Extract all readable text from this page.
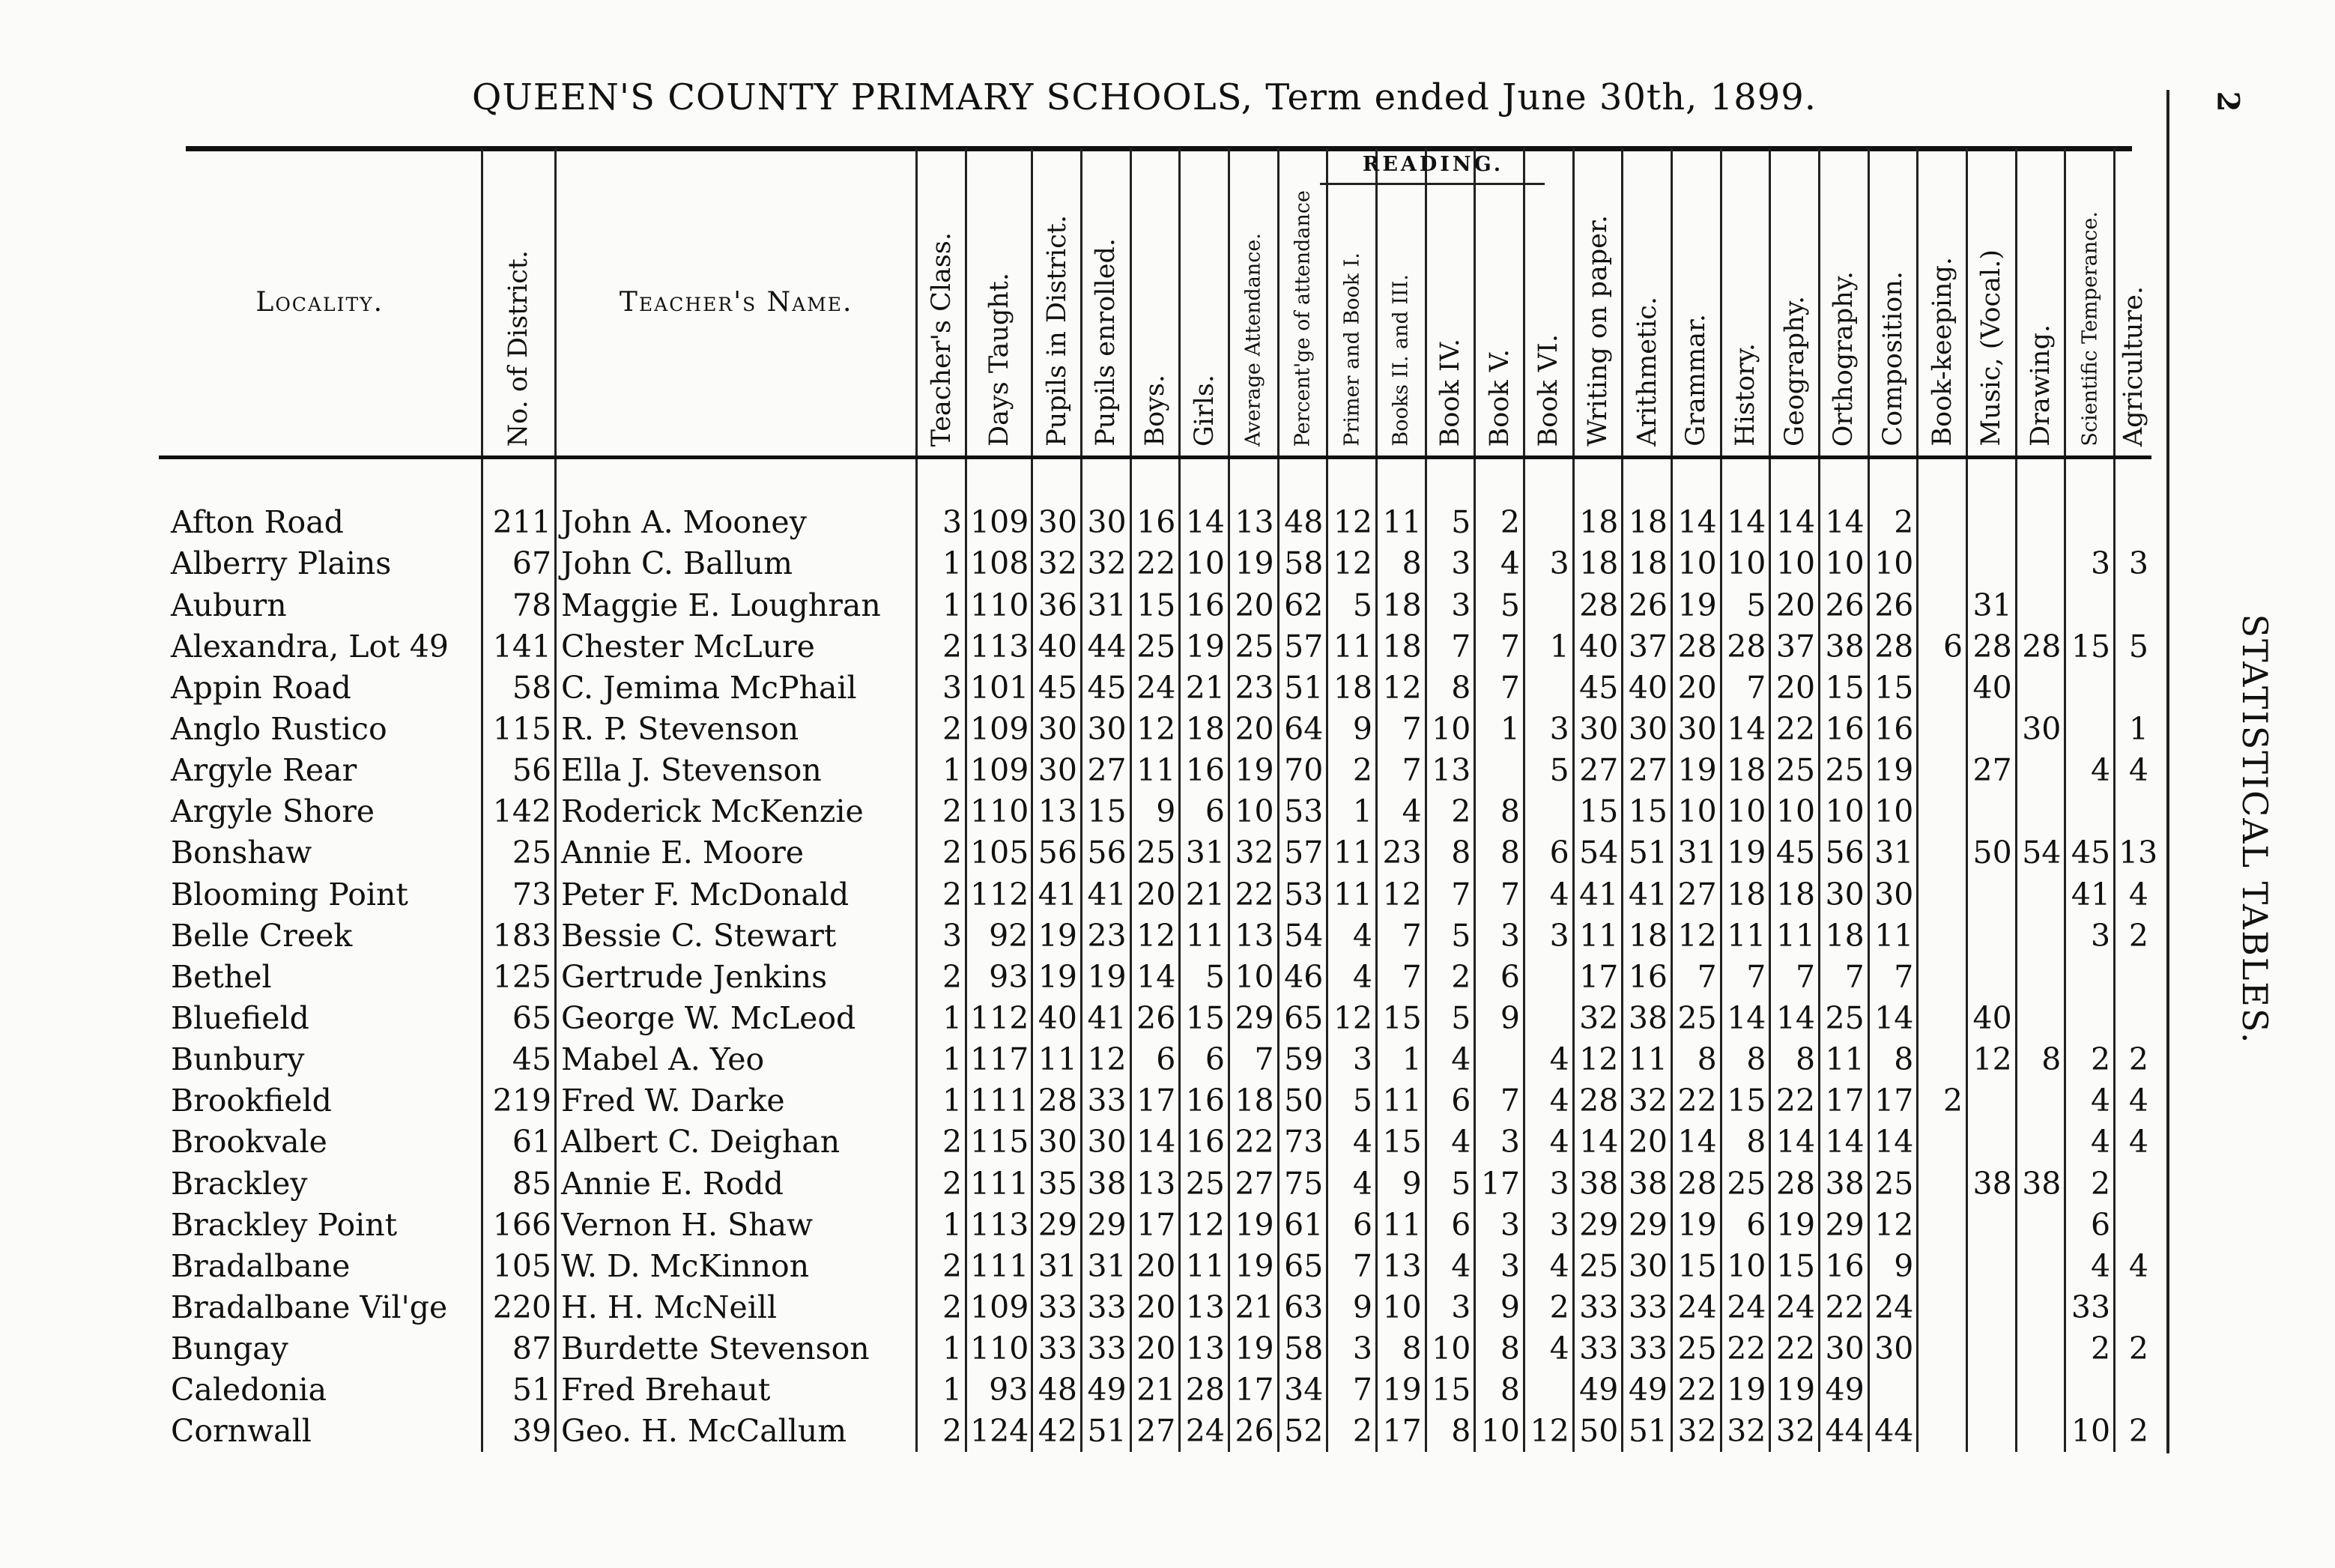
QUEEN'S COUNTY PRIMARY SCHOOLS, Term ended June 30th, 1899.	2
STATISTICAL TABLES.
Locality.	No. of District.	Teacher's Name.	Teacher's Class.	Days Taught.	Pupils in District.	Pupils enrolled.	Boys.	Girls.	Average Attendance.	Percent'ge of attendance	Primer and Book I.	Books II. and III.	Book IV.	Book V.	Book VI.	Writing on paper.	Arithmetic.	Grammar.	History.	Geography.	Orthography.	Composition.	Book-keeping.	Music, (Vocal.)	Drawing.	Scientific Temperance.	Agriculture.

Afton Road	211	John A. Mooney	3	109	30	30	16	14	13	48	12	11	5	2		18	18	14	14	14	14	2					
Alberry Plains	67	John C. Ballum	1	108	32	32	22	10	19	58	12	8	3	4	3	18	18	10	10	10	10	10				3	3
Auburn	78	Maggie E. Loughran	1	110	36	31	15	16	20	62	5	18	3	5		28	26	19	5	20	26	26		31			
Alexandra, Lot 49	141	Chester McLure	2	113	40	44	25	19	25	57	11	18	7	7	1	40	37	28	28	37	38	28	6	28	28	15	5
Appin Road	58	C. Jemima McPhail	3	101	45	45	24	21	23	51	18	12	8	7		45	40	20	7	20	15	15		40			
Anglo Rustico	115	R. P. Stevenson	2	109	30	30	12	18	20	64	9	7	10	1	3	30	30	30	14	22	16	16			30		1
Argyle Rear	56	Ella J. Stevenson	1	109	30	27	11	16	19	70	2	7	13		5	27	27	19	18	25	25	19		27		4	4
Argyle Shore	142	Roderick McKenzie	2	110	13	15	9	6	10	53	1	4	2	8		15	15	10	10	10	10	10					
Bonshaw	25	Annie E. Moore	2	105	56	56	25	31	32	57	11	23	8	8	6	54	51	31	19	45	56	31		50	54	45	13
Blooming Point	73	Peter F. McDonald	2	112	41	41	20	21	22	53	11	12	7	7	4	41	41	27	18	18	30	30				41	4
Belle Creek	183	Bessie C. Stewart	3	92	19	23	12	11	13	54	4	7	5	3	3	11	18	12	11	11	18	11				3	2
Bethel	125	Gertrude Jenkins	2	93	19	19	14	5	10	46	4	7	2	6		17	16	7	7	7	7	7					
Bluefield	65	George W. McLeod	1	112	40	41	26	15	29	65	12	15	5	9		32	38	25	14	14	25	14		40			
Bunbury	45	Mabel A. Yeo	1	117	11	12	6	6	7	59	3	1	4		4	12	11	8	8	8	11	8		12	8	2	2
Brookfield	219	Fred W. Darke	1	111	28	33	17	16	18	50	5	11	6	7	4	28	32	22	15	22	17	17	2			4	4
Brookvale	61	Albert C. Deighan	2	115	30	30	14	16	22	73	4	15	4	3	4	14	20	14	8	14	14	14				4	4
Brackley	85	Annie E. Rodd	2	111	35	38	13	25	27	75	4	9	5	17	3	38	38	28	25	28	38	25		38	38	2	
Brackley Point	166	Vernon H. Shaw	1	113	29	29	17	12	19	61	6	11	6	3	3	29	29	19	6	19	29	12				6	
Bradalbane	105	W. D. McKinnon	2	111	31	31	20	11	19	65	7	13	4	3	4	25	30	15	10	15	16	9				4	4
Bradalbane Vil'ge	220	H. H. McNeill	2	109	33	33	20	13	21	63	9	10	3	9	2	33	33	24	24	24	22	24				33	
Bungay	87	Burdette Stevenson	1	110	33	33	20	13	19	58	3	8	10	8	4	33	33	25	22	22	30	30				2	2
Caledonia	51	Fred Brehaut	1	93	48	49	21	28	17	34	7	19	15	8		49	49	22	19	19	49						
Cornwall	39	Geo. H. McCallum	2	124	42	51	27	24	26	52	2	17	8	10	12	50	51	32	32	32	44	44				10	2
READING.
